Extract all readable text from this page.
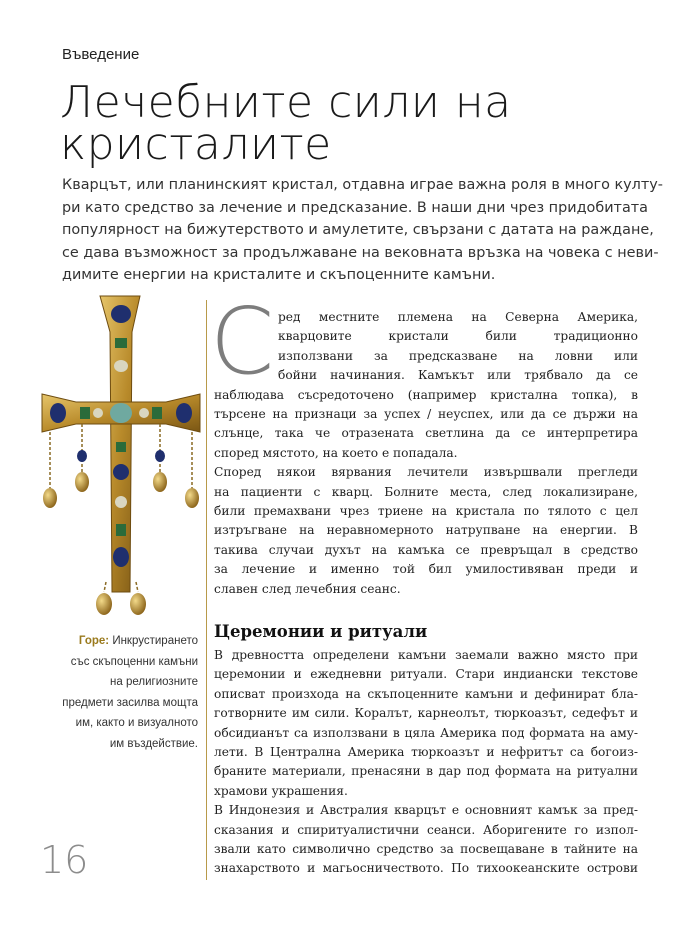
Въведение
Лечебните сили на
кристалите
Кварцът, или планинският кристал, отдавна играе важна роля в много култу-
ри като средство за лечение и предсказание. В наши дни чрез придобитата
популярност на бижутерството и амулетите, свързани с датата на раждане,
се дава възможност за продължаване на вековната връзка на човека с неви-
димите енергии на кристалите и скъпоценните камъни.
Горе: Инкрустирането
със скъпоценни камъни
на религиозните
предмети засилва мощта
им, както и визуалното
им въздействие.
С ред местните племена на Северна Америка,
кварцовите кристали били традиционно
използвани за предсказване на ловни или
бойни начинания. Камъкът или трябвало да се
наблюдава съсредоточено (например кристална топка), в
търсене на признаци за успех / неуспех, или да се държи на
слънце, така че отразената светлина да се интерпретира
според мястото, на което е попадала.
Според някои вярвания лечители извършвали прегледи
на пациенти с кварц. Болните места, след локализиране,
били премахвани чрез триене на кристала по тялото с цел
изтръгване на неравномерното натрупване на енергии. В
такива случаи духът на камъка се превръщал в средство
за лечение и именно той бил умилостивяван преди и
славен след лечебния сеанс.
Церемонии и ритуали
В древността определени камъни заемали важно място при
церемонии и ежедневни ритуали. Стари индиански текстове
описват произхода на скъпоценните камъни и дефинират бла-
готворните им сили. Коралът, карнеолът, тюркоазът, седефът и
обсидианът са използвани в цяла Америка под формата на аму-
лети. В Централна Америка тюркоазът и нефритът са богоиз-
браните материали, пренасяни в дар под формата на ритуални
храмови украшения.
В Индонезия и Австралия кварцът е основният камък за пред-
сказания и спиритуалистични сеанси. Аборигените го изпол-
звали като символично средство за посвещаване в тайните на
знахарството и магьосничеството. По тихоокеанските острови
16
